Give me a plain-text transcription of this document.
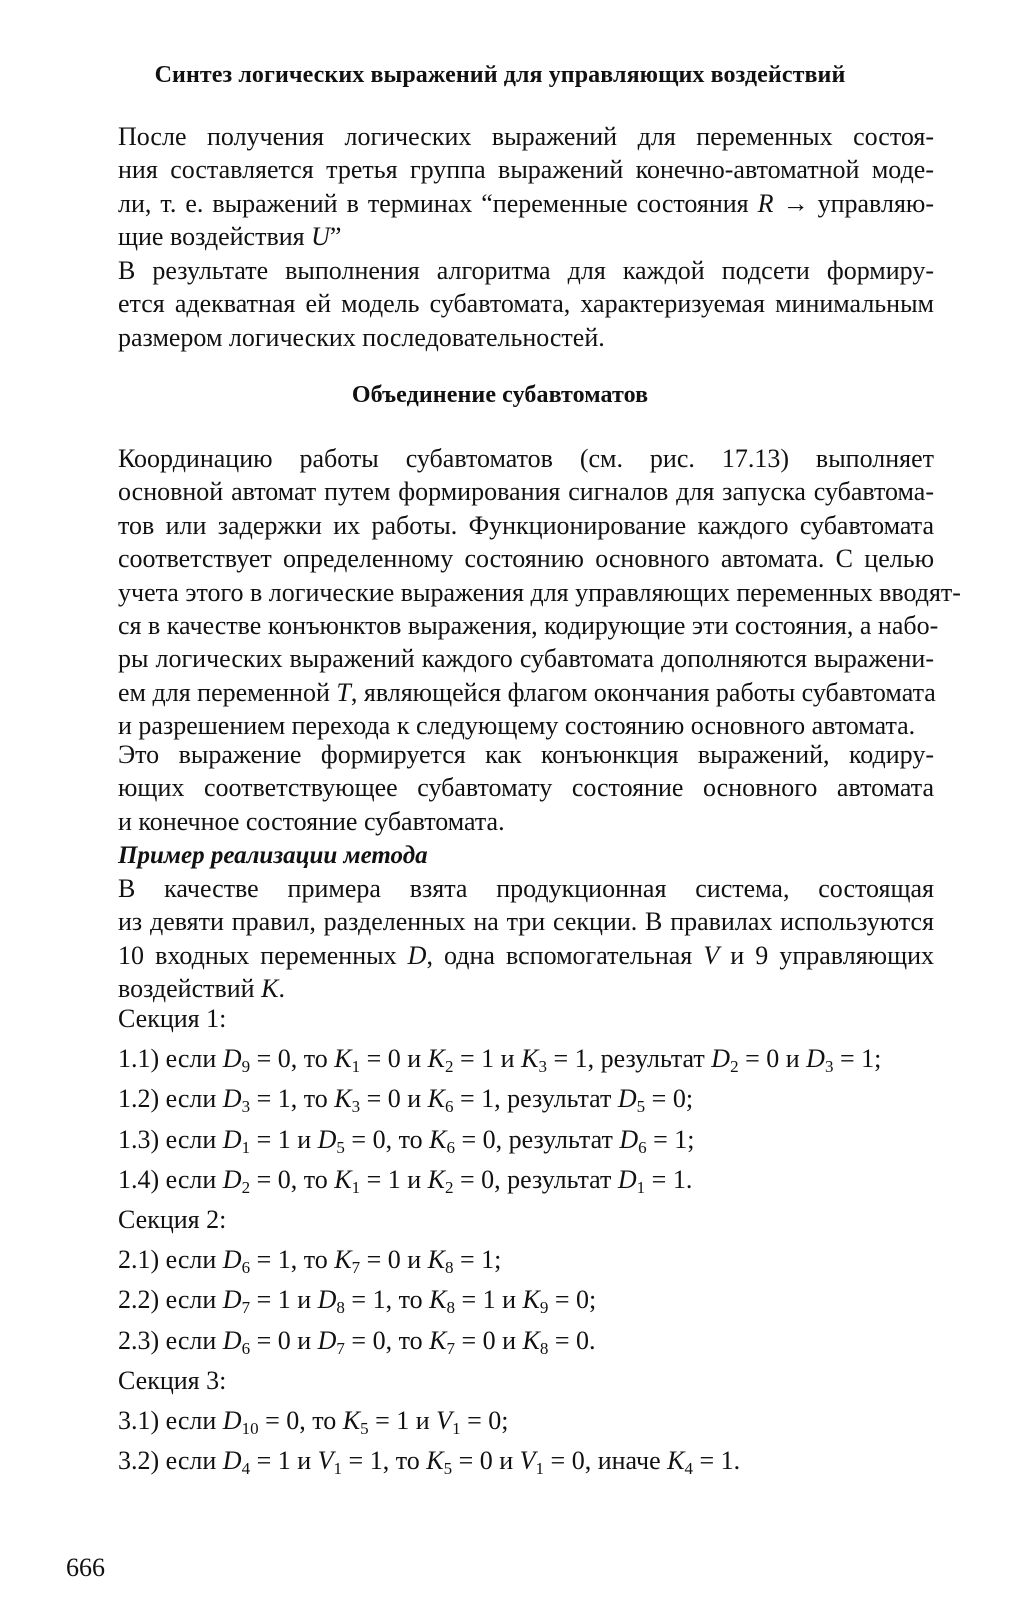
Синтез логических выражений для управляющих воздействий
После получения логических выражений для переменных состоя-
ния составляется третья группа выражений конечно-автоматной моде-
ли, т. е. выражений в терминах “переменные состояния R → управляю-
щие воздействия U”
В результате выполнения алгоритма для каждой подсети формиру-
ется адекватная ей модель субавтомата, характеризуемая минимальным
размером логических последовательностей.
Объединение субавтоматов
Координацию работы субавтоматов (см. рис. 17.13) выполняет
основной автомат путем формирования сигналов для запуска субавтома-
тов или задержки их работы. Функционирование каждого субавтомата
соответствует определенному состоянию основного автомата. С целью
учета этого в логические выражения для управляющих переменных вводят-
ся в качестве конъюнктов выражения, кодирующие эти состояния, а набо-
ры логических выражений каждого субавтомата дополняются выражени-
ем для переменной T, являющейся флагом окончания работы субавтомата
и разрешением перехода к следующему состоянию основного автомата.
Это выражение формируется как конъюнкция выражений, кодиру-
ющих соответствующее субавтомату состояние основного автомата
и конечное состояние субавтомата.
Пример реализации метода
В качестве примера взята продукционная система, состоящая
из девяти правил, разделенных на три секции. В правилах используются
10 входных переменных D, одна вспомогательная V и 9 управляющих
воздействий K.
Секция 1:
1.1) если $D_9 = 0$, то $K_1 = 0$ и $K_2 = 1$ и $K_3 = 1$, результат $D_2 = 0$ и $D_3 = 1$;
1.2) если $D_3 = 1$, то $K_3 = 0$ и $K_6 = 1$, результат $D_5 = 0$;
1.3) если $D_1 = 1$ и $D_5 = 0$, то $K_6 = 0$, результат $D_6 = 1$;
1.4) если $D_2 = 0$, то $K_1 = 1$ и $K_2 = 0$, результат $D_1 = 1$.
Секция 2:
2.1) если $D_6 = 1$, то $K_7 = 0$ и $K_8 = 1$;
2.2) если $D_7 = 1$ и $D_8 = 1$, то $K_8 = 1$ и $K_9 = 0$;
2.3) если $D_6 = 0$ и $D_7 = 0$, то $K_7 = 0$ и $K_8 = 0$.
Секция 3:
3.1) если $D_{10} = 0$, то $K_5 = 1$ и $V_1 = 0$;
3.2) если $D_4 = 1$ и $V_1 = 1$, то $K_5 = 0$ и $V_1 = 0$, иначе $K_4 = 1$.
666
